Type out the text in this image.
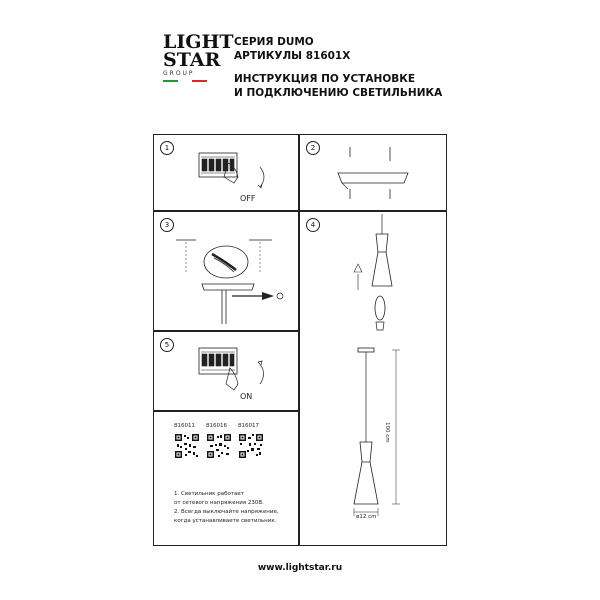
LIGHT
STAR
GROUP
СЕРИЯ DUMO
АРТИКУЛЫ 81601X
ИНСТРУКЦИЯ ПО УСТАНОВКЕ
И ПОДКЛЮЧЕНИЮ СВЕТИЛЬНИКА
1
OFF
2
3
5
ON
4
100 cm
ø12 cm
816011 816016 816017
1. Светильник работает
от сетевого напряжения 230В.
2. Всегда выключайте напряжение,
когда устанавливаете светильник.
www.lightstar.ru
